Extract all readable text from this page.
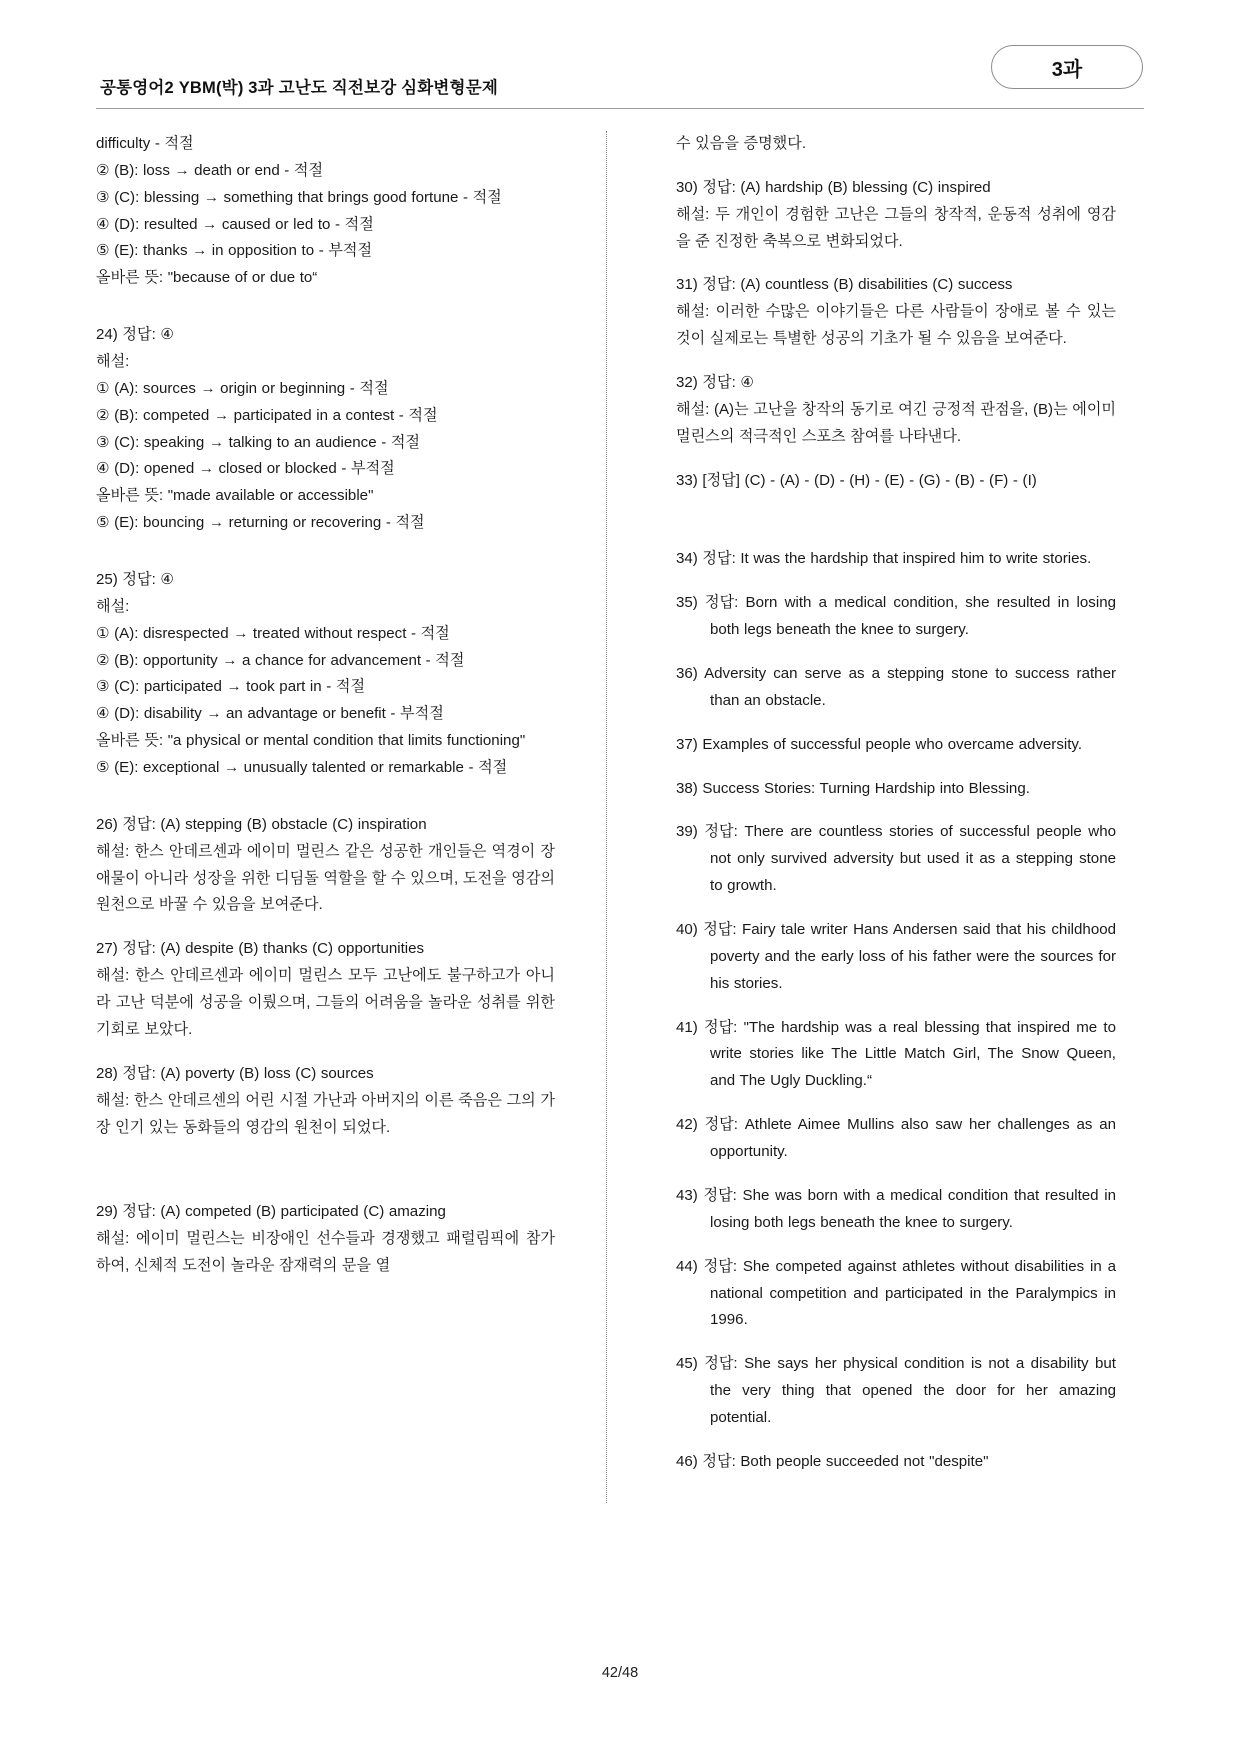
공통영어2 YBM(박) 3과 고난도 직전보강 심화변형문제
3과

difficulty - 적절
② (B): loss → death or end - 적절
③ (C): blessing → something that brings good fortune - 적절
④ (D): resulted → caused or led to - 적절
⑤ (E): thanks → in opposition to - 부적절
올바른 뜻: "because of or due to“

24) 정답: ④
해설:
① (A): sources → origin or beginning - 적절
② (B): competed → participated in a contest - 적절
③ (C): speaking → talking to an audience - 적절
④ (D): opened → closed or blocked - 부적절
올바른 뜻: "made available or accessible"
⑤ (E): bouncing → returning or recovering - 적절

25) 정답: ④
해설:
① (A): disrespected → treated without respect - 적절
② (B): opportunity → a chance for advancement - 적절
③ (C): participated → took part in - 적절
④ (D): disability → an advantage or benefit - 부적절
올바른 뜻: "a physical or mental condition that limits functioning"
⑤ (E): exceptional → unusually talented or remarkable - 적절

26) 정답: (A) stepping (B) obstacle (C) inspiration
해설: 한스 안데르센과 에이미 멀린스 같은 성공한 개인들은 역경이 장애물이 아니라 성장을 위한 디딤돌 역할을 할 수 있으며, 도전을 영감의 원천으로 바꿀 수 있음을 보여준다.

27) 정답: (A) despite (B) thanks (C) opportunities
해설: 한스 안데르센과 에이미 멀린스 모두 고난에도 불구하고가 아니라 고난 덕분에 성공을 이뤘으며, 그들의 어려움을 놀라운 성취를 위한 기회로 보았다.

28) 정답: (A) poverty (B) loss (C) sources
해설: 한스 안데르센의 어린 시절 가난과 아버지의 이른 죽음은 그의 가장 인기 있는 동화들의 영감의 원천이 되었다.

29) 정답: (A) competed (B) participated (C) amazing
해설: 에이미 멀린스는 비장애인 선수들과 경쟁했고 패럴림픽에 참가하여, 신체적 도전이 놀라운 잠재력의 문을 열

수 있음을 증명했다.

30) 정답: (A) hardship (B) blessing (C) inspired
해설: 두 개인이 경험한 고난은 그들의 창작적, 운동적 성취에 영감을 준 진정한 축복으로 변화되었다.

31) 정답: (A) countless (B) disabilities (C) success
해설: 이러한 수많은 이야기들은 다른 사람들이 장애로 볼 수 있는 것이 실제로는 특별한 성공의 기초가 될 수 있음을 보여준다.

32) 정답: ④
해설: (A)는 고난을 창작의 동기로 여긴 긍정적 관점을, (B)는 에이미 멀린스의 적극적인 스포츠 참여를 나타낸다.

33) [정답] (C) - (A) - (D) - (H) - (E) - (G) - (B) - (F) - (I)

34) 정답: It was the hardship that inspired him to write stories.

35) 정답: Born with a medical condition, she resulted in losing both legs beneath the knee to surgery.

36) Adversity can serve as a stepping stone to success rather than an obstacle.

37) Examples of successful people who overcame adversity.

38) Success Stories: Turning Hardship into Blessing.

39) 정답: There are countless stories of successful people who not only survived adversity but used it as a stepping stone to growth.

40) 정답: Fairy tale writer Hans Andersen said that his childhood poverty and the early loss of his father were the sources for his stories.

41) 정답: "The hardship was a real blessing that inspired me to write stories like The Little Match Girl, The Snow Queen, and The Ugly Duckling.“

42) 정답: Athlete Aimee Mullins also saw her challenges as an opportunity.

43) 정답: She was born with a medical condition that resulted in losing both legs beneath the knee to surgery.

44) 정답: She competed against athletes without disabilities in a national competition and participated in the Paralympics in 1996.

45) 정답: She says her physical condition is not a disability but the very thing that opened the door for her amazing potential.

46) 정답: Both people succeeded not "despite"

42/48
